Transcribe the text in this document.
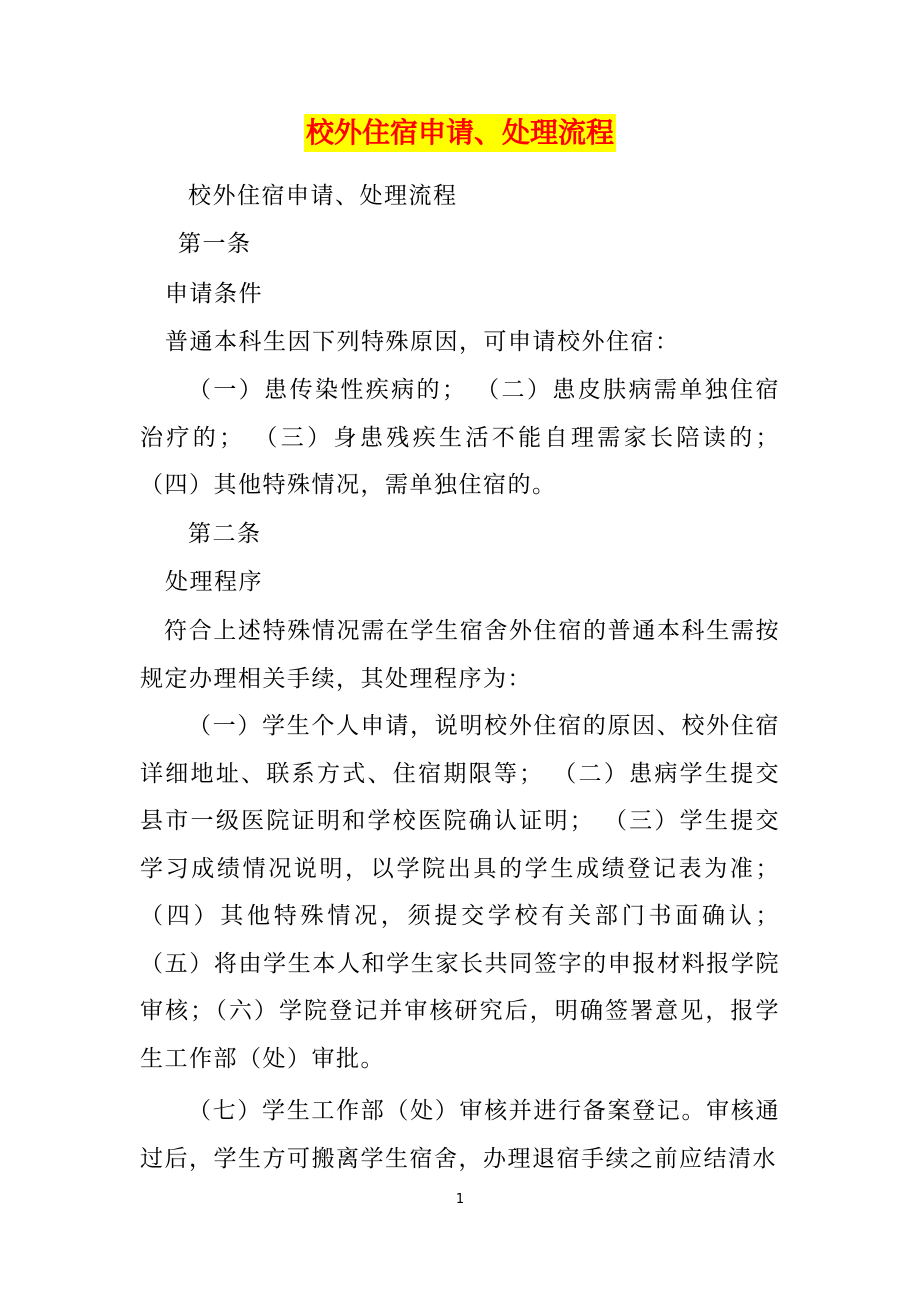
校外住宿申请、处理流程
校外住宿申请、处理流程
第一条
申请条件
普通本科生因下列特殊原因，可申请校外住宿：
（一）患传染性疾病的； （二）患皮肤病需单独住宿治疗的； （三）身患残疾生活不能自理需家长陪读的；（四）其他特殊情况，需单独住宿的。
第二条
处理程序
符合上述特殊情况需在学生宿舍外住宿的普通本科生需按规定办理相关手续，其处理程序为：
（一）学生个人申请，说明校外住宿的原因、校外住宿详细地址、联系方式、住宿期限等； （二）患病学生提交县市一级医院证明和学校医院确认证明； （三）学生提交学习成绩情况说明，以学院出具的学生成绩登记表为准；（四）其他特殊情况，须提交学校有关部门书面确认； （五）将由学生本人和学生家长共同签字的申报材料报学院审核；（六）学院登记并审核研究后，明确签署意见，报学生工作部（处）审批。
（七）学生工作部（处）审核并进行备案登记。审核通过后，学生方可搬离学生宿舍，办理退宿手续之前应结清水
1
